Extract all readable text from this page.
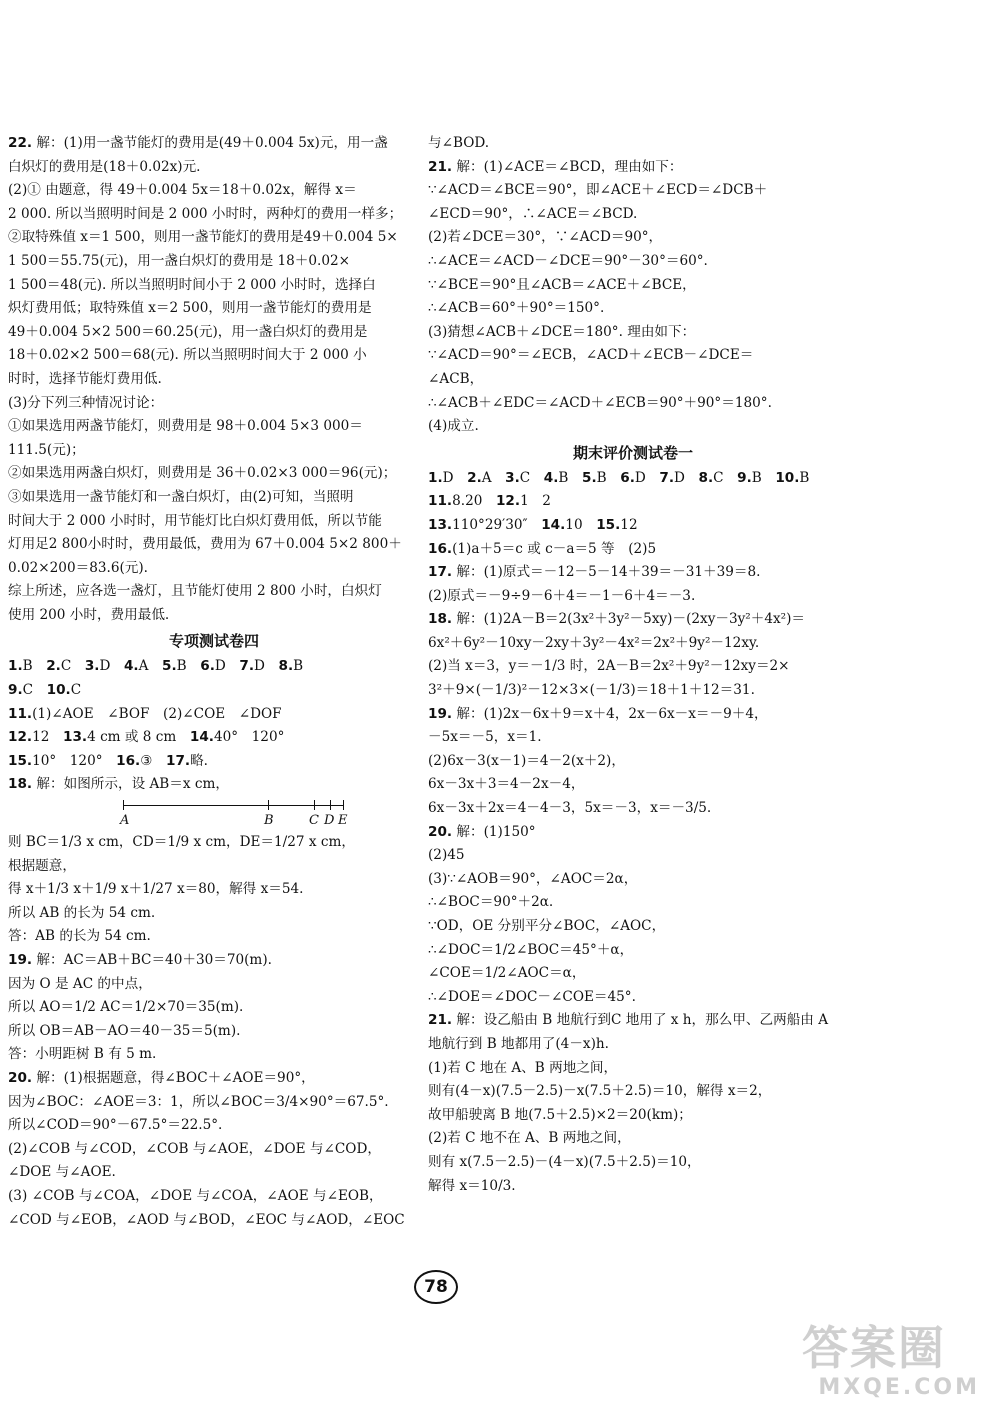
22. 解：(1)用一盏节能灯的费用是(49＋0.004 5x)元，用一盏
白炽灯的费用是(18＋0.02x)元.
(2)① 由题意，得 49＋0.004 5x＝18＋0.02x，解得 x＝
2 000. 所以当照明时间是 2 000 小时时，两种灯的费用一样多；
②取特殊值 x＝1 500，则用一盏节能灯的费用是49＋0.004 5×
1 500＝55.75(元)，用一盏白炽灯的费用是 18＋0.02×
1 500＝48(元). 所以当照明时间小于 2 000 小时时，选择白
炽灯费用低；取特殊值 x＝2 500，则用一盏节能灯的费用是
49＋0.004 5×2 500＝60.25(元)，用一盏白炽灯的费用是
18＋0.02×2 500＝68(元). 所以当照明时间大于 2 000 小
时时，选择节能灯费用低.
(3)分下列三种情况讨论：
①如果选用两盏节能灯，则费用是 98＋0.004 5×3 000＝
111.5(元)；
②如果选用两盏白炽灯，则费用是 36＋0.02×3 000＝96(元)；
③如果选用一盏节能灯和一盏白炽灯，由(2)可知，当照明
时间大于 2 000 小时时，用节能灯比白炽灯费用低，所以节能
灯用足2 800小时时，费用最低，费用为 67＋0.004 5×2 800＋
0.02×200＝83.6(元).
综上所述，应各选一盏灯，且节能灯使用 2 800 小时，白炽灯
使用 200 小时，费用最低.
专项测试卷四
1.B　2.C　3.D　4.A　5.B　6.D　7.D　8.B
9.C　10.C
11.(1)∠AOE　∠BOF　(2)∠COE　∠DOF
12.12　13.4 cm 或 8 cm　14.40°　120°
15.10°　120°　16.③　17.略.
18. 解：如图所示，设 AB＝x cm，
A	B	C D E
则 BC＝1/3 x cm，CD＝1/9 x cm，DE＝1/27 x cm，
根据题意，
得 x＋1/3 x＋1/9 x＋1/27 x＝80，解得 x＝54.
所以 AB 的长为 54 cm.
答：AB 的长为 54 cm.
19. 解：AC＝AB＋BC＝40＋30＝70(m).
因为 O 是 AC 的中点，
所以 AO＝1/2 AC＝1/2×70＝35(m).
所以 OB＝AB－AO＝40－35＝5(m).
答：小明距树 B 有 5 m.
20. 解：(1)根据题意，得∠BOC＋∠AOE＝90°，
因为∠BOC：∠AOE＝3：1，所以∠BOC＝3/4×90°＝67.5°.
所以∠COD＝90°－67.5°＝22.5°.
(2)∠COB 与∠COD，∠COB 与∠AOE，∠DOE 与∠COD，
∠DOE 与∠AOE.
(3) ∠COB 与∠COA，∠DOE 与∠COA，∠AOE 与∠EOB，
∠COD 与∠EOB，∠AOD 与∠BOD，∠EOC 与∠AOD，∠EOC
与∠BOD.
21. 解：(1)∠ACE＝∠BCD，理由如下：
∵∠ACD＝∠BCE＝90°，即∠ACE＋∠ECD＝∠DCB＋
∠ECD＝90°，∴∠ACE＝∠BCD.
(2)若∠DCE＝30°，∵∠ACD＝90°，
∴∠ACE＝∠ACD－∠DCE＝90°－30°＝60°.
∵∠BCE＝90°且∠ACB＝∠ACE＋∠BCE，
∴∠ACB＝60°＋90°＝150°.
(3)猜想∠ACB＋∠DCE＝180°. 理由如下：
∵∠ACD＝90°＝∠ECB，∠ACD＋∠ECB－∠DCE＝
∠ACB，
∴∠ACB＋∠EDC＝∠ACD＋∠ECB＝90°＋90°＝180°.
(4)成立.
期末评价测试卷一
1.D　2.A　3.C　4.B　5.B　6.D　7.D　8.C　9.B　10.B
11.8.20　12.1　2
13.110°29′30″　14.10　15.12
16.(1)a＋5＝c 或 c－a＝5 等　(2)5
17. 解：(1)原式＝－12－5－14＋39＝－31＋39＝8.
(2)原式＝－9÷9－6＋4＝－1－6＋4＝－3.
18. 解：(1)2A－B＝2(3x²＋3y²－5xy)－(2xy－3y²＋4x²)＝
6x²＋6y²－10xy－2xy＋3y²－4x²＝2x²＋9y²－12xy.
(2)当 x＝3，y＝－1/3 时，2A－B＝2x²＋9y²－12xy＝2×
3²＋9×(－1/3)²－12×3×(－1/3)＝18＋1＋12＝31.
19. 解：(1)2x－6x＋9＝x＋4，2x－6x－x＝－9＋4，
－5x＝－5，x＝1.
(2)6x－3(x－1)＝4－2(x＋2)，
6x－3x＋3＝4－2x－4，
6x－3x＋2x＝4－4－3，5x＝－3，x＝－3/5.
20. 解：(1)150°
(2)45
(3)∵∠AOB＝90°，∠AOC＝2α，
∴∠BOC＝90°＋2α.
∵OD，OE 分别平分∠BOC，∠AOC，
∴∠DOC＝1/2∠BOC＝45°＋α，
∠COE＝1/2∠AOC＝α，
∴∠DOE＝∠DOC－∠COE＝45°.
21. 解：设乙船由 B 地航行到C 地用了 x h，那么甲、乙两船由 A
地航行到 B 地都用了(4－x)h.
(1)若 C 地在 A、B 两地之间，
则有(4－x)(7.5－2.5)－x(7.5＋2.5)＝10，解得 x＝2，
故甲船驶离 B 地(7.5＋2.5)×2＝20(km)；
(2)若 C 地不在 A、B 两地之间，
则有 x(7.5－2.5)－(4－x)(7.5＋2.5)＝10，
解得 x＝10/3.
78
答案圈
MXQE.COM
